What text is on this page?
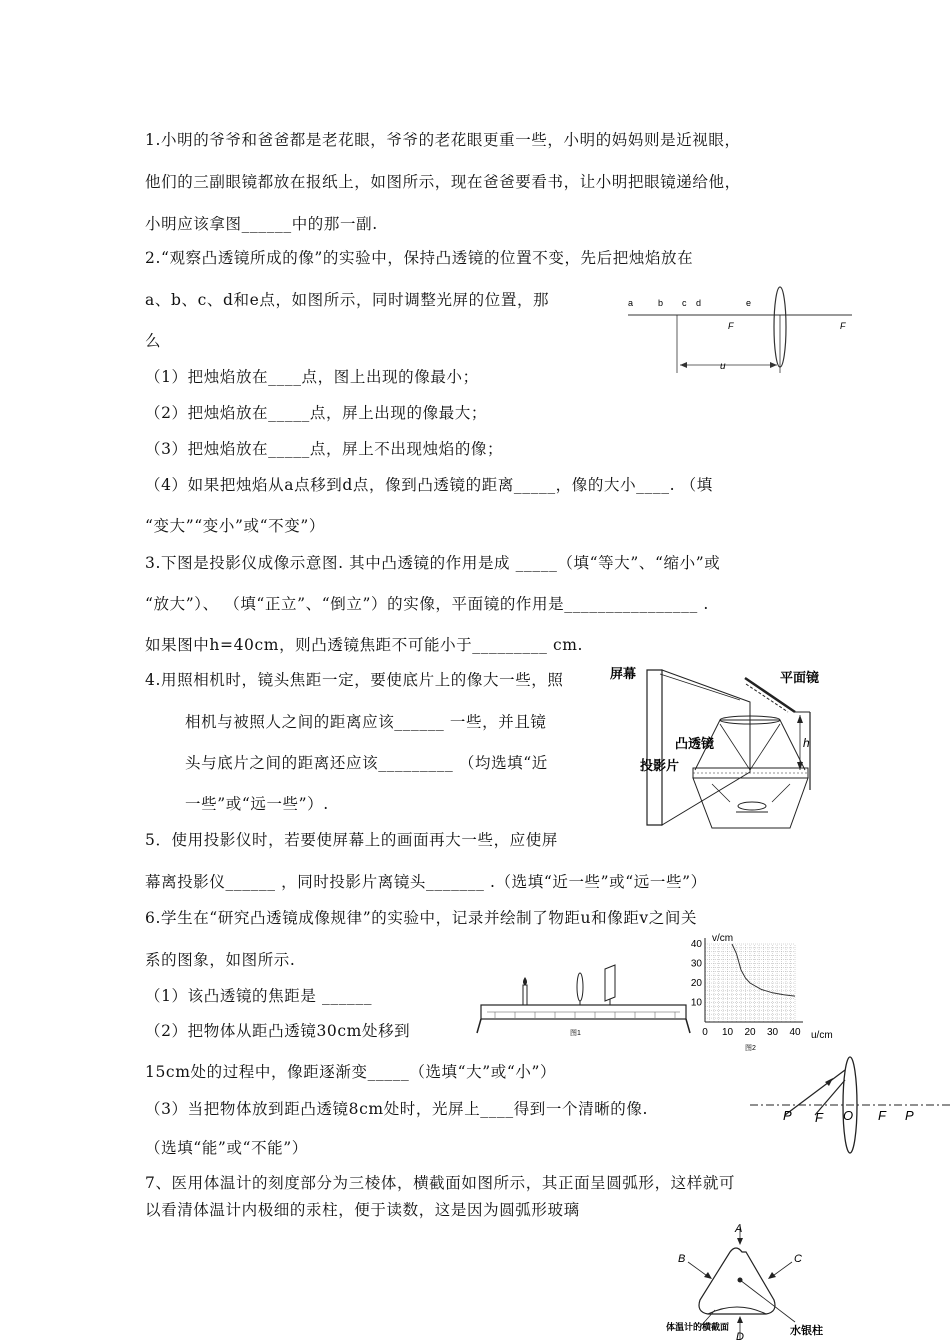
1.小明的爷爷和爸爸都是老花眼，爷爷的老花眼更重一些，小明的妈妈则是近视眼，
他们的三副眼镜都放在报纸上，如图所示，现在爸爸要看书，让小明把眼镜递给他，
小明应该拿图______中的那一副.
2.“观察凸透镜所成的像”的实验中，保持凸透镜的位置不变，先后把烛焰放在
a、b、c、d和e点，如图所示，同时调整光屏的位置，那
么
（1）把烛焰放在____点，图上出现的像最小；
（2）把烛焰放在_____点，屏上出现的像最大；
（3）把烛焰放在_____点，屏上不出现烛焰的像；
（4）如果把烛焰从a点移到d点，像到凸透镜的距离_____，像的大小____. （填
“变大”“变小”或“不变”）
a	b c d	e
F	F
u
3.下图是投影仪成像示意图. 其中凸透镜的作用是成 _____（填“等大”、“缩小”或
“放大”）、 （填“正立”、“倒立”）的实像，平面镜的作用是________________ .
如果图中h=40cm，则凸透镜焦距不可能小于_________ cm.
4.用照相机时，镜头焦距一定，要使底片上的像大一些，照
相机与被照人之间的距离应该______ 一些，并且镜
头与底片之间的距离还应该_________ （均选填“近
一些”或“远一些”）.
h
屏幕	平面镜
凸透镜
投影片
5．使用投影仪时，若要使屏幕上的画面再大一些，应使屏
幕离投影仪______ ，同时投影片离镜头_______ .（选填“近一些”或“远一些”）
6.学生在“研究凸透镜成像规律”的实验中，记录并绘制了物距u和像距v之间关
系的图象，如图所示.
（1）该凸透镜的焦距是 ______
（2）把物体从距凸透镜30cm处移到
15cm处的过程中，像距逐渐变_____（选填“大”或“小”）
（3）当把物体放到距凸透镜8cm处时，光屏上____得到一个清晰的像.
（选填“能”或“不能”）
图1	0 10 20 30 40
10
20
30
40
v/cm
u/cm
图2
P F O F P
7、医用体温计的刻度部分为三棱体，横截面如图所示，其正面呈圆弧形，这样就可
以看清体温计内极细的汞柱，便于读数，这是因为圆弧形玻璃
A
B	C
D
体温计的横截面	水银柱
